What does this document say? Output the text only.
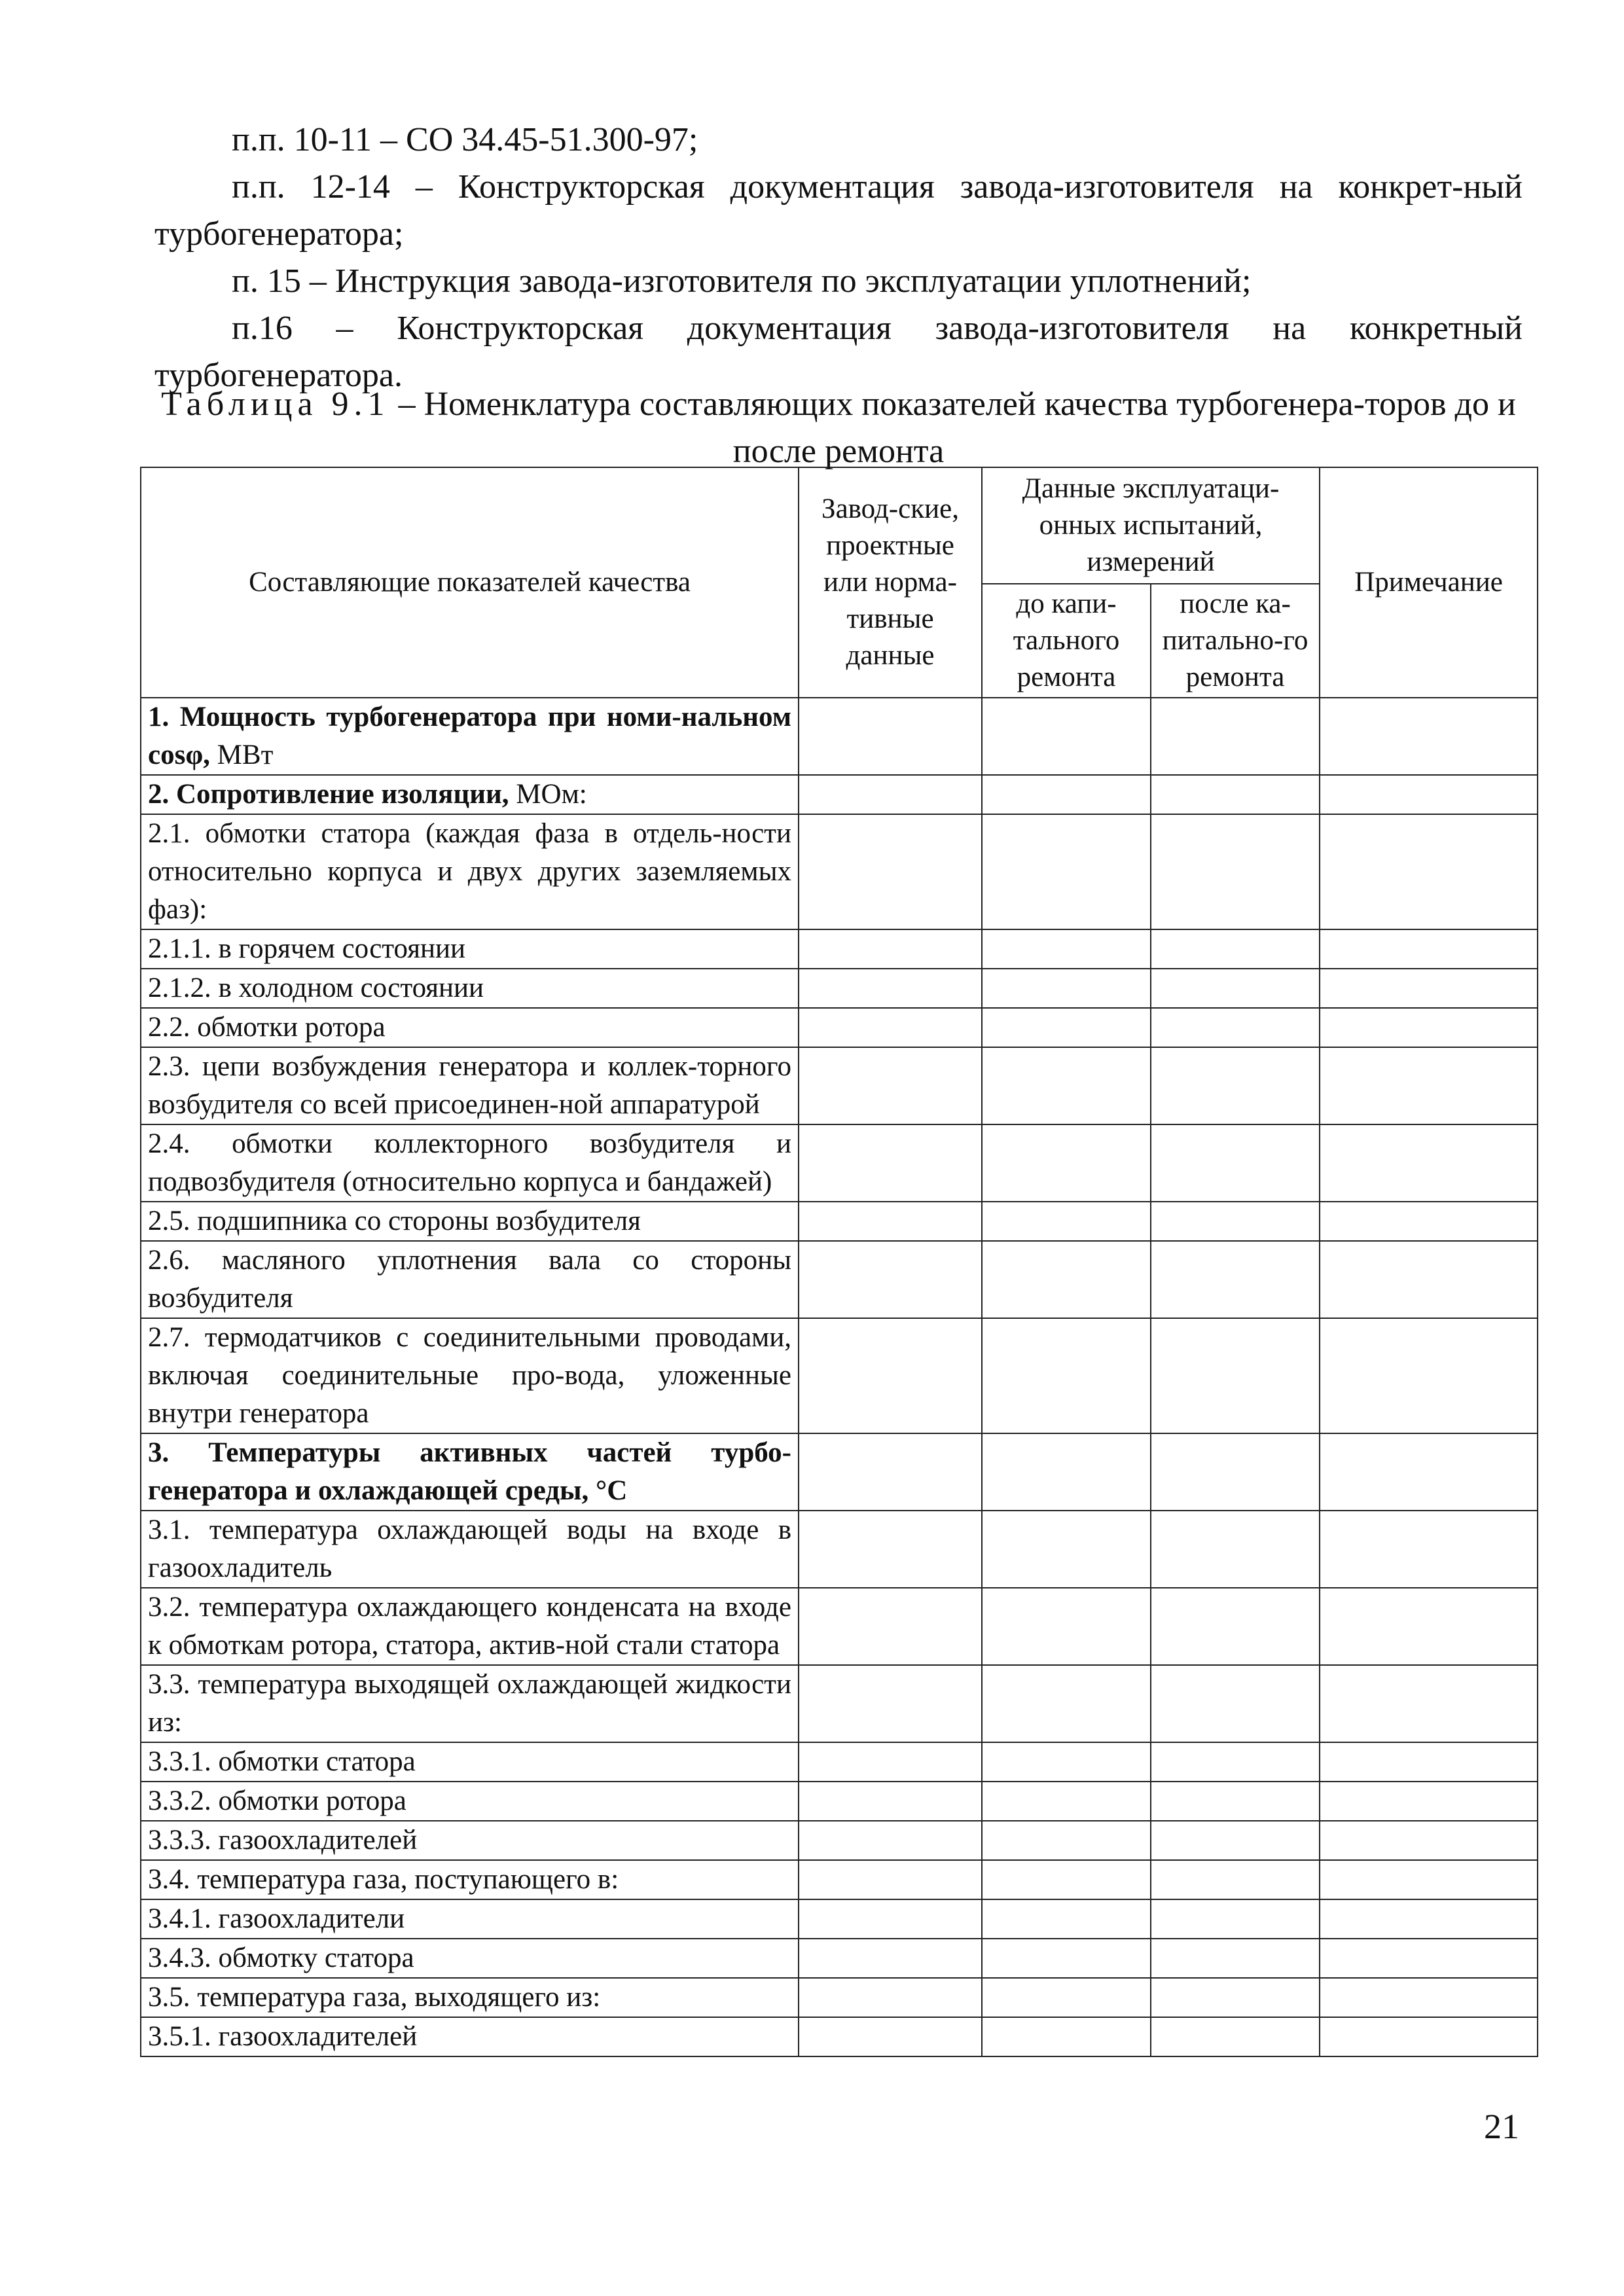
п.п. 10-11 – СО 34.45-51.300-97;

п.п. 12-14 – Конструкторская документация завода-изготовителя на конкрет-ный турбогенератора;

п. 15 – Инструкция завода-изготовителя по эксплуатации уплотнений;

п.16 – Конструкторская документация завода-изготовителя на конкретный турбогенератора.

Таблица 9.1 – Номенклатура составляющих показателей качества турбогенера-торов до и после ремонта
Составляющие показателей качества	Завод-ские, проектные или норма-тивные данные	Данные эксплуатаци-онных испытаний, измерений		Примечание
		до капи-тального ремонта	после ка-питально-го ремонта	
1. Мощность турбогенератора при номи-нальном cosφ, МВт				
2. Сопротивление изоляции, МОм:				
2.1. обмотки статора (каждая фаза в отдель-ности относительно корпуса и двух других заземляемых фаз):				
2.1.1. в горячем состоянии				
2.1.2. в холодном состоянии				
2.2. обмотки ротора				
2.3. цепи возбуждения генератора и коллек-торного возбудителя со всей присоединен-ной аппаратурой				
2.4. обмотки коллекторного возбудителя и подвозбудителя (относительно корпуса и бандажей)				
2.5. подшипника со стороны возбудителя				
2.6. масляного уплотнения вала со стороны возбудителя				
2.7. термодатчиков с соединительными проводами, включая соединительные про-вода, уложенные внутри генератора				
3. Температуры активных частей турбо-генератора и охлаждающей среды, °С				
3.1. температура охлаждающей воды на входе в газоохладитель				
3.2. температура охлаждающего конденсата на входе к обмоткам ротора, статора, актив-ной стали статора				
3.3. температура выходящей охлаждающей жидкости из:				
3.3.1. обмотки статора				
3.3.2. обмотки ротора				
3.3.3. газоохладителей				
3.4. температура газа, поступающего в:				
3.4.1. газоохладители				
3.4.3. обмотку статора				
3.5. температура газа, выходящего из:				
3.5.1. газоохладителей				
21
